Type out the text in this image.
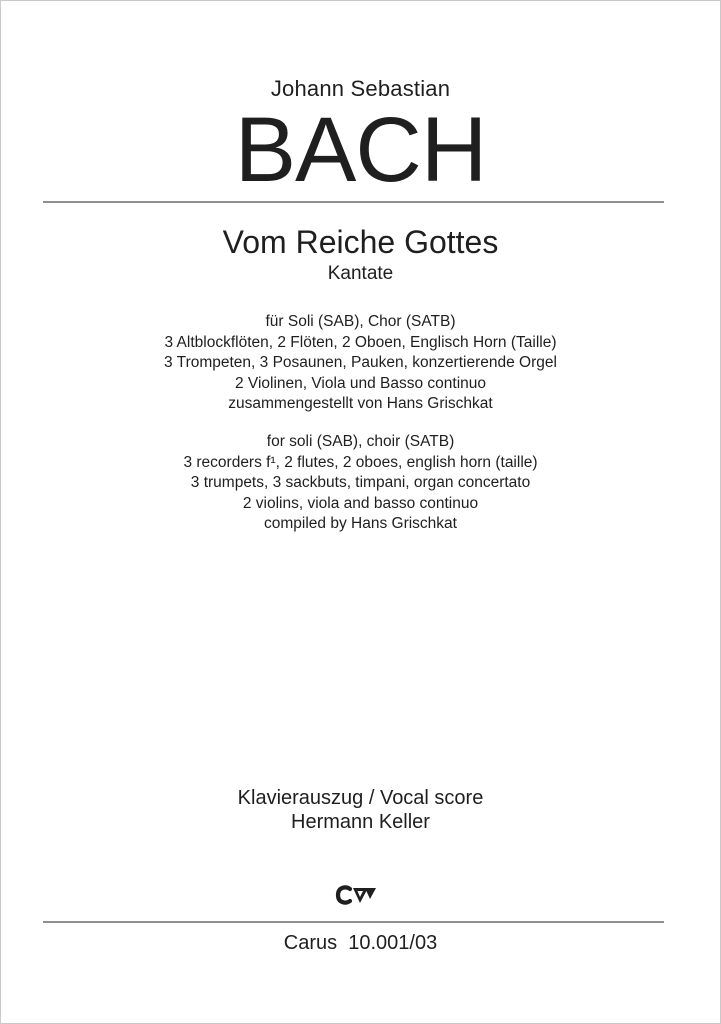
Johann Sebastian
BACH
Vom Reiche Gottes
Kantate
für Soli (SAB), Chor (SATB)
3 Altblockflöten, 2 Flöten, 2 Oboen, Englisch Horn (Taille)
3 Trompeten, 3 Posaunen, Pauken, konzertierende Orgel
2 Violinen, Viola und Basso continuo
zusammengestellt von Hans Grischkat
for soli (SAB), choir (SATB)
3 recorders f¹, 2 flutes, 2 oboes, english horn (taille)
3 trumpets, 3 sackbuts, timpani, organ concertato
2 violins, viola and basso continuo
compiled by Hans Grischkat
Klavierauszug / Vocal score
Hermann Keller
Carus  10.001/03
